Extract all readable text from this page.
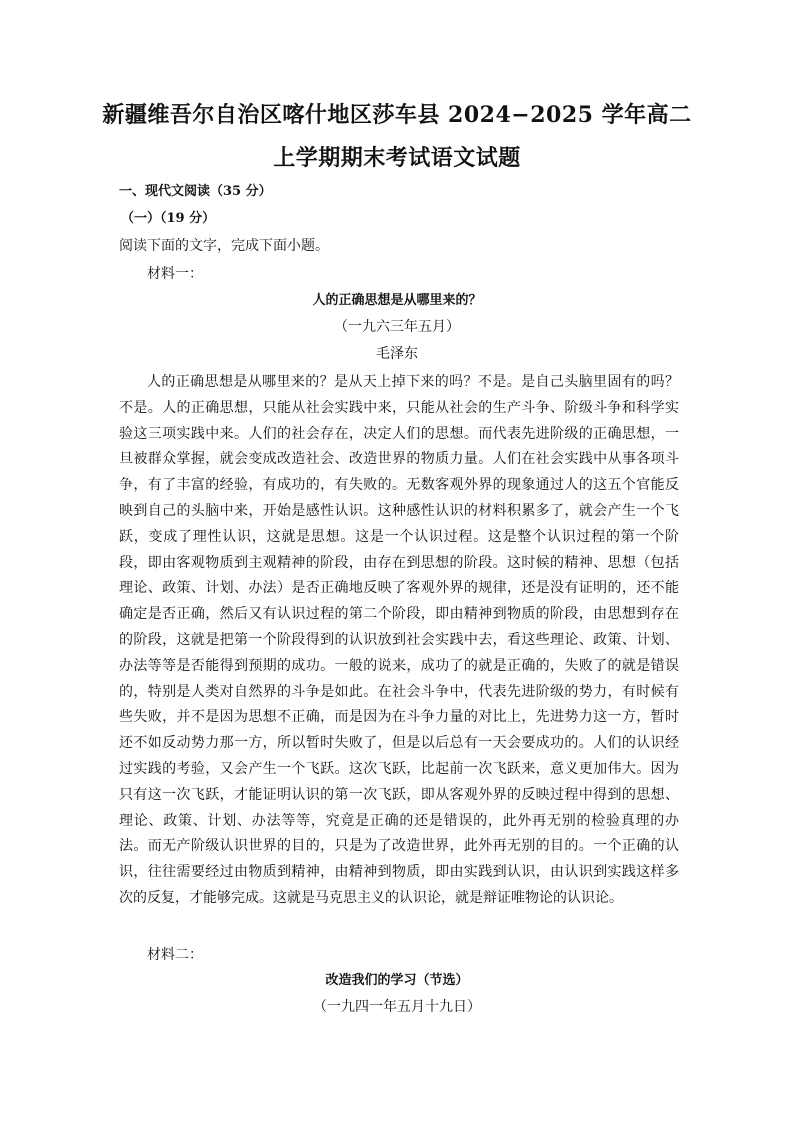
新疆维吾尔自治区喀什地区莎车县 2024−2025 学年高二
上学期期末考试语文试题
一、现代文阅读（35 分）
（一）（19 分）
阅读下面的文字，完成下面小题。
材料一：
人的正确思想是从哪里来的？
（一九六三年五月）
毛泽东
人的正确思想是从哪里来的？是从天上掉下来的吗？不是。是自己头脑里固有的吗？
不是。人的正确思想，只能从社会实践中来，只能从社会的生产斗争、阶级斗争和科学实
验这三项实践中来。人们的社会存在，决定人们的思想。而代表先进阶级的正确思想，一
旦被群众掌握，就会变成改造社会、改造世界的物质力量。人们在社会实践中从事各项斗
争，有了丰富的经验，有成功的，有失败的。无数客观外界的现象通过人的这五个官能反
映到自己的头脑中来，开始是感性认识。这种感性认识的材料积累多了，就会产生一个飞
跃，变成了理性认识，这就是思想。这是一个认识过程。这是整个认识过程的第一个阶
段，即由客观物质到主观精神的阶段，由存在到思想的阶段。这时候的精神、思想（包括
理论、政策、计划、办法）是否正确地反映了客观外界的规律，还是没有证明的，还不能
确定是否正确，然后又有认识过程的第二个阶段，即由精神到物质的阶段，由思想到存在
的阶段，这就是把第一个阶段得到的认识放到社会实践中去，看这些理论、政策、计划、
办法等等是否能得到预期的成功。一般的说来，成功了的就是正确的，失败了的就是错误
的，特别是人类对自然界的斗争是如此。在社会斗争中，代表先进阶级的势力，有时候有
些失败，并不是因为思想不正确，而是因为在斗争力量的对比上，先进势力这一方，暂时
还不如反动势力那一方，所以暂时失败了，但是以后总有一天会要成功的。人们的认识经
过实践的考验，又会产生一个飞跃。这次飞跃，比起前一次飞跃来，意义更加伟大。因为
只有这一次飞跃，才能证明认识的第一次飞跃，即从客观外界的反映过程中得到的思想、
理论、政策、计划、办法等等，究竟是正确的还是错误的，此外再无别的检验真理的办
法。而无产阶级认识世界的目的，只是为了改造世界，此外再无别的目的。一个正确的认
识，往往需要经过由物质到精神，由精神到物质，即由实践到认识，由认识到实践这样多
次的反复，才能够完成。这就是马克思主义的认识论，就是辩证唯物论的认识论。
材料二：
改造我们的学习（节选）
（一九四一年五月十九日）
